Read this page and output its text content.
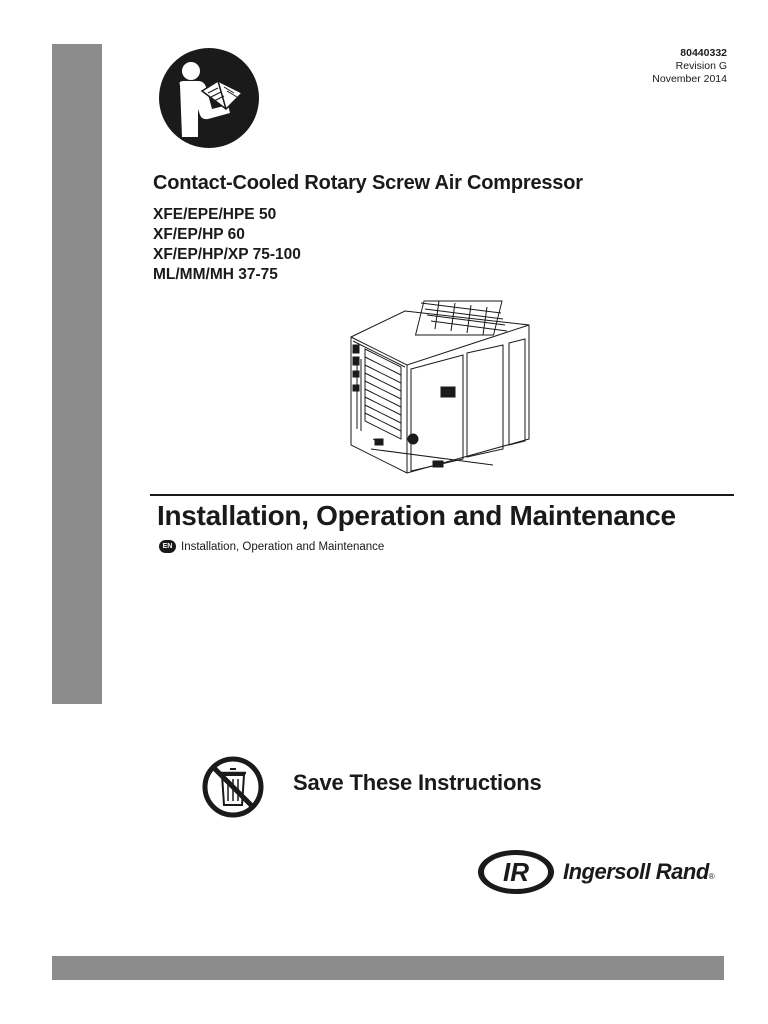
80440332
Revision G
November 2014
Contact-Cooled Rotary Screw Air Compressor
XFE/EPE/HPE 50
XF/EP/HP 60
XF/EP/HP/XP 75-100
ML/MM/MH 37-75
Installation, Operation and Maintenance
EN Installation, Operation and Maintenance
Save These Instructions
IR Ingersoll Rand®
